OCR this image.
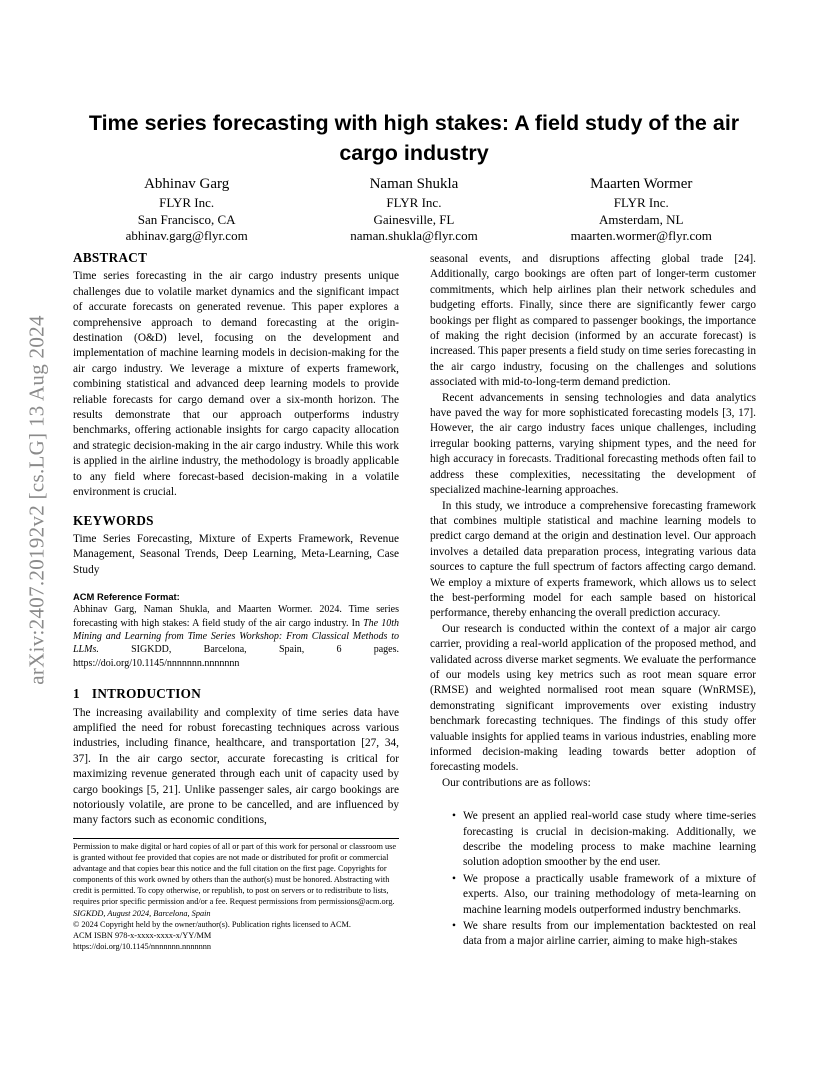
arXiv:2407.20192v2 [cs.LG] 13 Aug 2024
Time series forecasting with high stakes: A field study of the air cargo industry
Abhinav Garg
FLYR Inc.
San Francisco, CA
abhinav.garg@flyr.com
Naman Shukla
FLYR Inc.
Gainesville, FL
naman.shukla@flyr.com
Maarten Wormer
FLYR Inc.
Amsterdam, NL
maarten.wormer@flyr.com
ABSTRACT

Time series forecasting in the air cargo industry presents unique challenges due to volatile market dynamics and the significant impact of accurate forecasts on generated revenue. This paper explores a comprehensive approach to demand forecasting at the origin-destination (O&D) level, focusing on the development and implementation of machine learning models in decision-making for the air cargo industry. We leverage a mixture of experts framework, combining statistical and advanced deep learning models to provide reliable forecasts for cargo demand over a six-month horizon. The results demonstrate that our approach outperforms industry benchmarks, offering actionable insights for cargo capacity allocation and strategic decision-making in the air cargo industry. While this work is applied in the airline industry, the methodology is broadly applicable to any field where forecast-based decision-making in a volatile environment is crucial.

KEYWORDS

Time Series Forecasting, Mixture of Experts Framework, Revenue Management, Seasonal Trends, Deep Learning, Meta-Learning, Case Study

ACM Reference Format:

Abhinav Garg, Naman Shukla, and Maarten Wormer. 2024. Time series forecasting with high stakes: A field study of the air cargo industry. In The 10th Mining and Learning from Time Series Workshop: From Classical Methods to LLMs. SIGKDD, Barcelona, Spain, 6 pages. https://doi.org/10.1145/nnnnnnn.nnnnnnn

1 INTRODUCTION

The increasing availability and complexity of time series data have amplified the need for robust forecasting techniques across various industries, including finance, healthcare, and transportation [27, 34, 37]. In the air cargo sector, accurate forecasting is critical for maximizing revenue generated through each unit of capacity used by cargo bookings [5, 21]. Unlike passenger sales, air cargo bookings are notoriously volatile, are prone to be cancelled, and are influenced by many factors such as economic conditions,

Permission to make digital or hard copies of all or part of this work for personal or classroom use is granted without fee provided that copies are not made or distributed for profit or commercial advantage and that copies bear this notice and the full citation on the first page. Copyrights for components of this work owned by others than the author(s) must be honored. Abstracting with credit is permitted. To copy otherwise, or republish, to post on servers or to redistribute to lists, requires prior specific permission and/or a fee. Request permissions from permissions@acm.org.

SIGKDD, August 2024, Barcelona, Spain

© 2024 Copyright held by the owner/author(s). Publication rights licensed to ACM.

ACM ISBN 978-x-xxxx-xxxx-x/YY/MM

https://doi.org/10.1145/nnnnnnn.nnnnnnn

seasonal events, and disruptions affecting global trade [24]. Additionally, cargo bookings are often part of longer-term customer commitments, which help airlines plan their network schedules and budgeting efforts. Finally, since there are significantly fewer cargo bookings per flight as compared to passenger bookings, the importance of making the right decision (informed by an accurate forecast) is increased. This paper presents a field study on time series forecasting in the air cargo industry, focusing on the challenges and solutions associated with mid-to-long-term demand prediction.

Recent advancements in sensing technologies and data analytics have paved the way for more sophisticated forecasting models [3, 17]. However, the air cargo industry faces unique challenges, including irregular booking patterns, varying shipment types, and the need for high accuracy in forecasts. Traditional forecasting methods often fail to address these complexities, necessitating the development of specialized machine-learning approaches.

In this study, we introduce a comprehensive forecasting framework that combines multiple statistical and machine learning models to predict cargo demand at the origin and destination level. Our approach involves a detailed data preparation process, integrating various data sources to capture the full spectrum of factors affecting cargo demand. We employ a mixture of experts framework, which allows us to select the best-performing model for each sample based on historical performance, thereby enhancing the overall prediction accuracy.

Our research is conducted within the context of a major air cargo carrier, providing a real-world application of the proposed method, and validated across diverse market segments. We evaluate the performance of our models using key metrics such as root mean square error (RMSE) and weighted normalised root mean square (WnRMSE), demonstrating significant improvements over existing industry benchmark forecasting techniques. The findings of this study offer valuable insights for applied teams in various industries, enabling more informed decision-making leading towards better adoption of forecasting models.

Our contributions are as follows:

• We present an applied real-world case study where time-series forecasting is crucial in decision-making. Additionally, we describe the modeling process to make machine learning solution adoption smoother by the end user.
• We propose a practically usable framework of a mixture of experts. Also, our training methodology of meta-learning on machine learning models outperformed industry benchmarks.
• We share results from our implementation backtested on real data from a major airline carrier, aiming to make high-stakes
